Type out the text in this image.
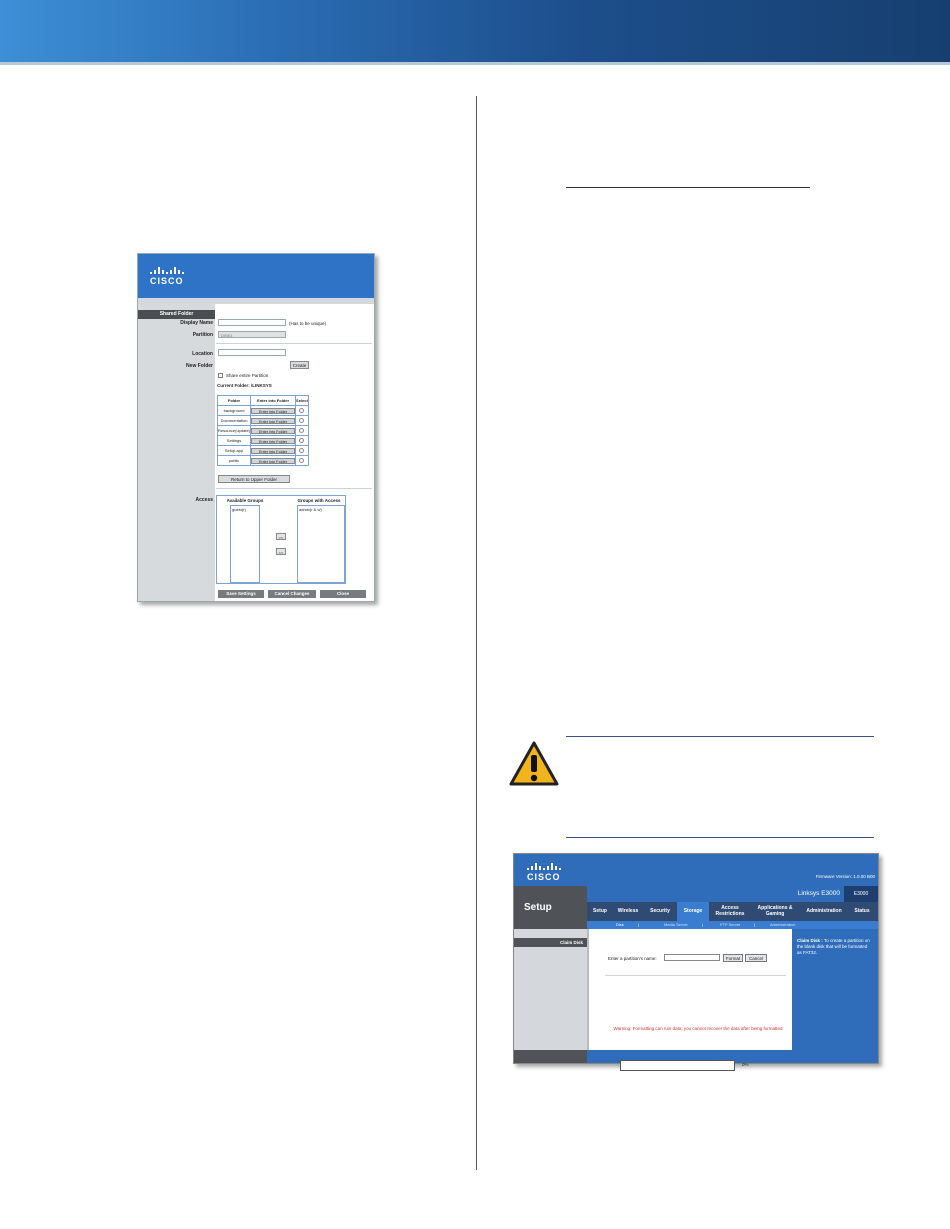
CISCO
Shared Folder
Display Name	(Has to be unique)
Partition	DISK1
Location
New Folder	Create
Share entire Partition
Current Folder: /LINKSYS
Folder	Enter into Folder	Select
background	Enter into Folder	
Documentation	Enter into Folder	
Resource(update)	Enter into Folder	
Settings	Enter into Folder	
Setup.app	Enter into Folder	
public	Enter into Folder	
Return to Upper Folder
Access	Available Groups	Groups with Access
guest(r)
>>
<<
admin(r & w)
Save Settings	Cancel Changes	Close
CISCO	Firmware Version: 1.0.00 B00
Linksys E3000	E3000
Setup	Setup	Wireless	Security	Storage	Access Restrictions
Applications & Gaming	Administration	Status
Disk	|	Media Server	|	FTP Server	|	Administration
Claim Disk	Claim Disk : To create a partition on the blank disk that will be formatted as FAT32.
Enter a partition's name:	Format	Cancel
Warning: Formatting can ruin data; you cannot recover the data after being formatted
0%
